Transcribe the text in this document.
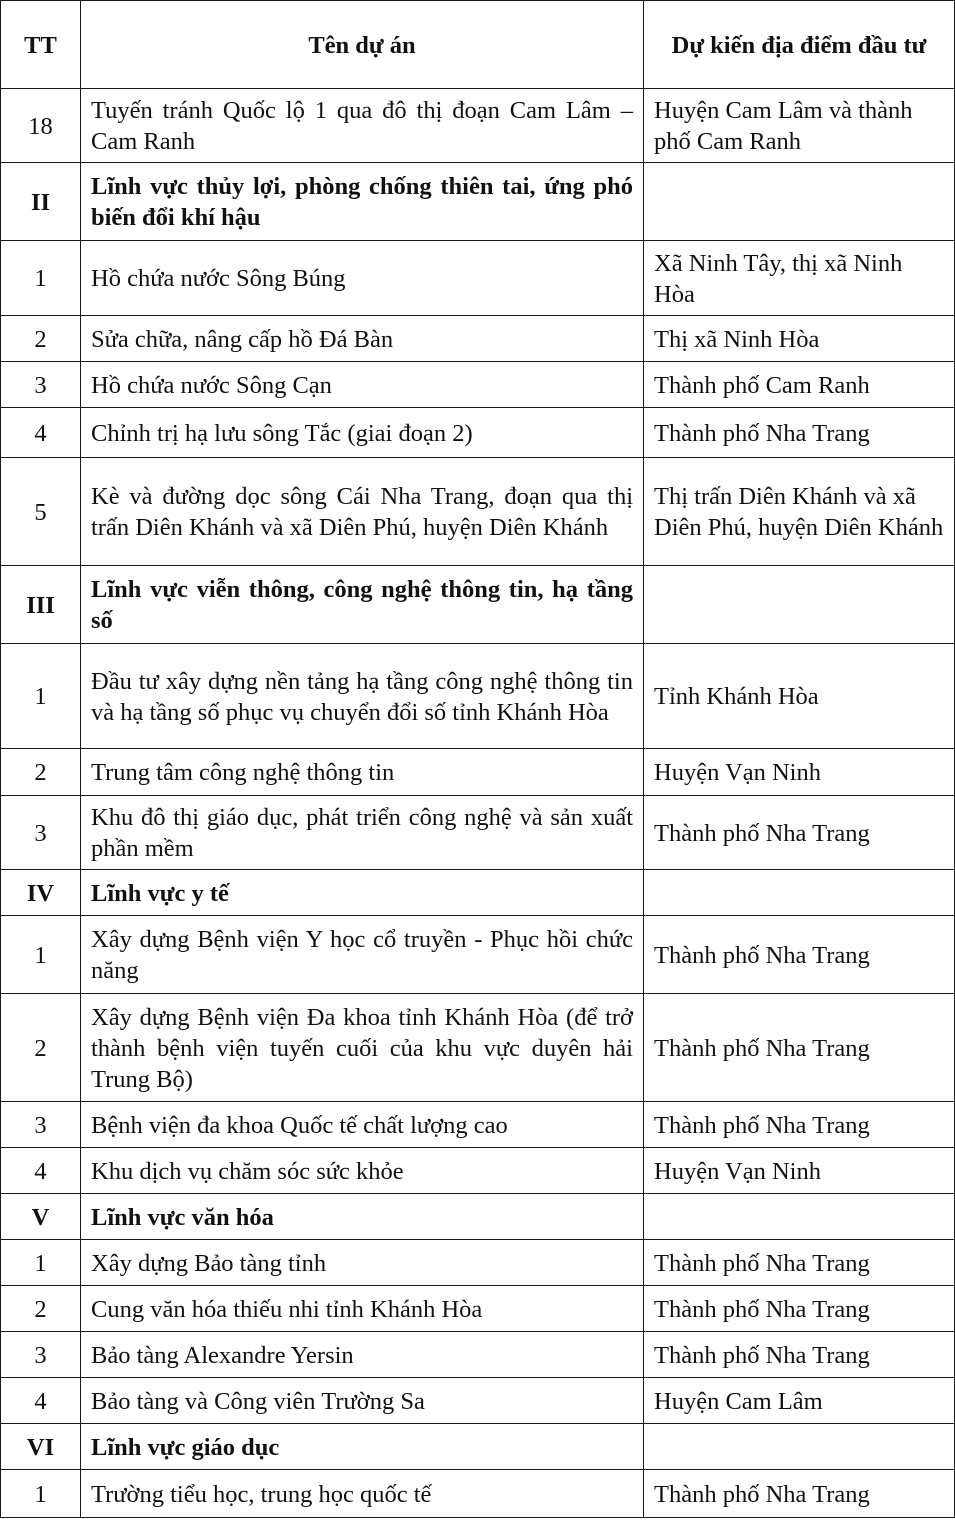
TT	Tên dự án	Dự kiến địa điểm đầu tư
18	Tuyến tránh Quốc lộ 1 qua đô thị đoạn Cam Lâm – Cam Ranh	Huyện Cam Lâm và thành phố Cam Ranh
II	Lĩnh vực thủy lợi, phòng chống thiên tai, ứng phó biến đổi khí hậu	
1	Hồ chứa nước Sông Búng	Xã Ninh Tây, thị xã Ninh Hòa
2	Sửa chữa, nâng cấp hồ Đá Bàn	Thị xã Ninh Hòa
3	Hồ chứa nước Sông Cạn	Thành phố Cam Ranh
4	Chỉnh trị hạ lưu sông Tắc (giai đoạn 2)	Thành phố Nha Trang
5	Kè và đường dọc sông Cái Nha Trang, đoạn qua thị trấn Diên Khánh và xã Diên Phú, huyện Diên Khánh	Thị trấn Diên Khánh và xã Diên Phú, huyện Diên Khánh
III	Lĩnh vực viễn thông, công nghệ thông tin, hạ tầng số	
1	Đầu tư xây dựng nền tảng hạ tầng công nghệ thông tin và hạ tầng số phục vụ chuyển đổi số tỉnh Khánh Hòa	Tỉnh Khánh Hòa
2	Trung tâm công nghệ thông tin	Huyện Vạn Ninh
3	Khu đô thị giáo dục, phát triển công nghệ và sản xuất phần mềm	Thành phố Nha Trang
IV	Lĩnh vực y tế	
1	Xây dựng Bệnh viện Y học cổ truyền - Phục hồi chức năng	Thành phố Nha Trang
2	Xây dựng Bệnh viện Đa khoa tỉnh Khánh Hòa (để trở thành bệnh viện tuyến cuối của khu vực duyên hải Trung Bộ)	Thành phố Nha Trang
3	Bệnh viện đa khoa Quốc tế chất lượng cao	Thành phố Nha Trang
4	Khu dịch vụ chăm sóc sức khỏe	Huyện Vạn Ninh
V	Lĩnh vực văn hóa	
1	Xây dựng Bảo tàng tỉnh	Thành phố Nha Trang
2	Cung văn hóa thiếu nhi tỉnh Khánh Hòa	Thành phố Nha Trang
3	Bảo tàng Alexandre Yersin	Thành phố Nha Trang
4	Bảo tàng và Công viên Trường Sa	Huyện Cam Lâm
VI	Lĩnh vực giáo dục	
1	Trường tiểu học, trung học quốc tế	Thành phố Nha Trang
